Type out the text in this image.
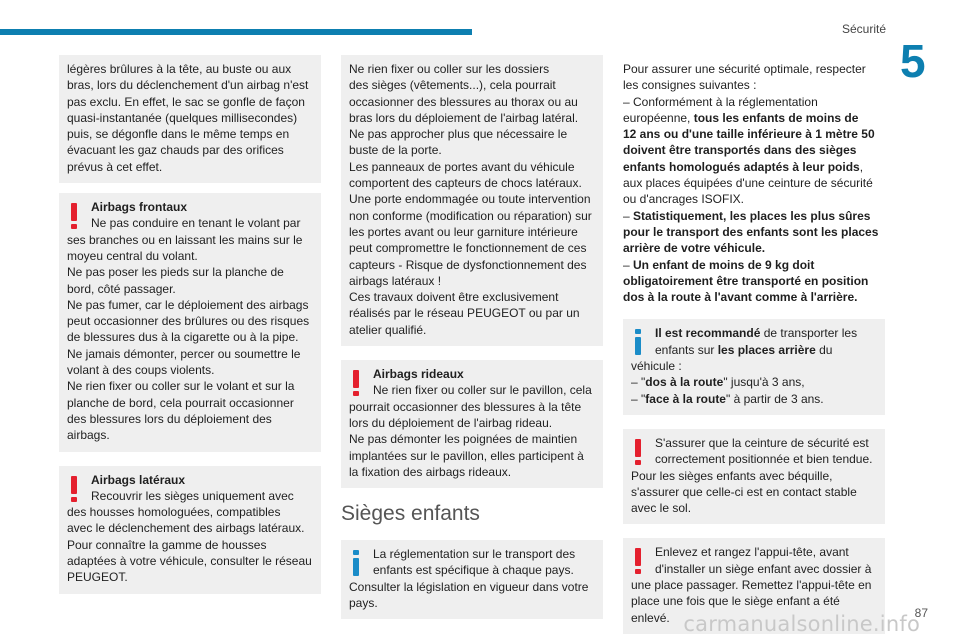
Sécurité
5

légères brûlures à la tête, au buste ou aux

bras, lors du déclenchement d'un airbag n'est

pas exclu. En effet, le sac se gonfle de façon

quasi-instantanée (quelques millisecondes)

puis, se dégonfle dans le même temps en

évacuant les gaz chauds par des orifices

prévus à cet effet.

Airbags frontaux

Ne pas conduire en tenant le volant par

ses branches ou en laissant les mains sur le

moyeu central du volant.

Ne pas poser les pieds sur la planche de

bord, côté passager.

Ne pas fumer, car le déploiement des airbags

peut occasionner des brûlures ou des risques

de blessures dus à la cigarette ou à la pipe.

Ne jamais démonter, percer ou soumettre le

volant à des coups violents.

Ne rien fixer ou coller sur le volant et sur la

planche de bord, cela pourrait occasionner

des blessures lors du déploiement des

airbags.

Airbags latéraux

Recouvrir les sièges uniquement avec

des housses homologuées, compatibles

avec le déclenchement des airbags latéraux.

Pour connaître la gamme de housses

adaptées à votre véhicule, consulter le réseau

PEUGEOT.

Ne rien fixer ou coller sur les dossiers

des sièges (vêtements...), cela pourrait

occasionner des blessures au thorax ou au

bras lors du déploiement de l'airbag latéral.

Ne pas approcher plus que nécessaire le

buste de la porte.

Les panneaux de portes avant du véhicule

comportent des capteurs de chocs latéraux.

Une porte endommagée ou toute intervention

non conforme (modification ou réparation) sur

les portes avant ou leur garniture intérieure

peut compromettre le fonctionnement de ces

capteurs - Risque de dysfonctionnement des

airbags latéraux !

Ces travaux doivent être exclusivement

réalisés par le réseau PEUGEOT ou par un

atelier qualifié.

Airbags rideaux

Ne rien fixer ou coller sur le pavillon, cela

pourrait occasionner des blessures à la tête

lors du déploiement de l'airbag rideau.

Ne pas démonter les poignées de maintien

implantées sur le pavillon, elles participent à

la fixation des airbags rideaux.

Sièges enfants

La réglementation sur le transport des

enfants est spécifique à chaque pays.

Consulter la législation en vigueur dans votre

pays.

Pour assurer une sécurité optimale, respecter

les consignes suivantes :

– Conformément à la réglementation

européenne, tous les enfants de moins de

12 ans ou d'une taille inférieure à 1 mètre 50

doivent être transportés dans des sièges

enfants homologués adaptés à leur poids,

aux places équipées d'une ceinture de sécurité

ou d'ancrages ISOFIX.

– Statistiquement, les places les plus sûres

pour le transport des enfants sont les places

arrière de votre véhicule.

– Un enfant de moins de 9 kg doit

obligatoirement être transporté en position

dos à la route à l'avant comme à l'arrière.

Il est recommandé de transporter les

enfants sur les places arrière du

véhicule :

– "dos à la route" jusqu'à 3 ans,

– "face à la route" à partir de 3 ans.

S'assurer que la ceinture de sécurité est

correctement positionnée et bien tendue.

Pour les sièges enfants avec béquille,

s'assurer que celle-ci est en contact stable

avec le sol.

Enlevez et rangez l'appui-tête, avant

d'installer un siège enfant avec dossier à

une place passager. Remettez l'appui-tête en

place une fois que le siège enfant a été

enlevé.	87
carmanualsonline.info
